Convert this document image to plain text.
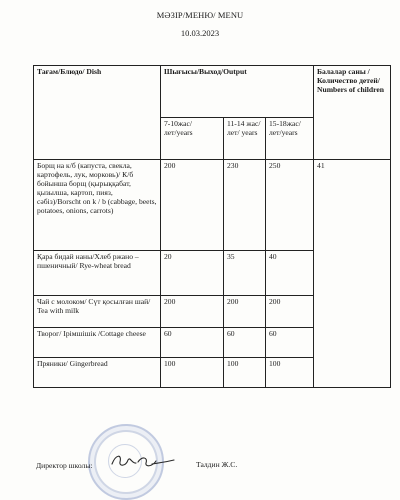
МӘЗІР/МЕНЮ/ MENU
10.03.2023
Тағам/Блюдо/ Dish	Шығысы/Выход/Output			Балалар саны /Количество детей/ Numbers of children
	7-10жас/лет/years	11-14 жас/лет/ years	15-18жас/лет/years	
Борщ на к/б (капуста, свекла, картофель, лук, морковь)/ К/б бойынша борщ (қырыққабат, қызылша, картоп, пияз, сәбіз)/Borscht on k / b (cabbage, beets, potatoes, onions, carrots)	200	230	250	41
Қара бидай наны/Хлеб ржано – пшеничный/ Rye-wheat bread	20	35	40	
Чай с молоком/ Сүт қосылған шай/ Tea with milk	200	200	200	
Творог/ Ірімшішік /Cottage cheese	60	60	60	
Пряники/ Gingerbread	100	100	100	
Директор школы:	Талдин Ж.С.
